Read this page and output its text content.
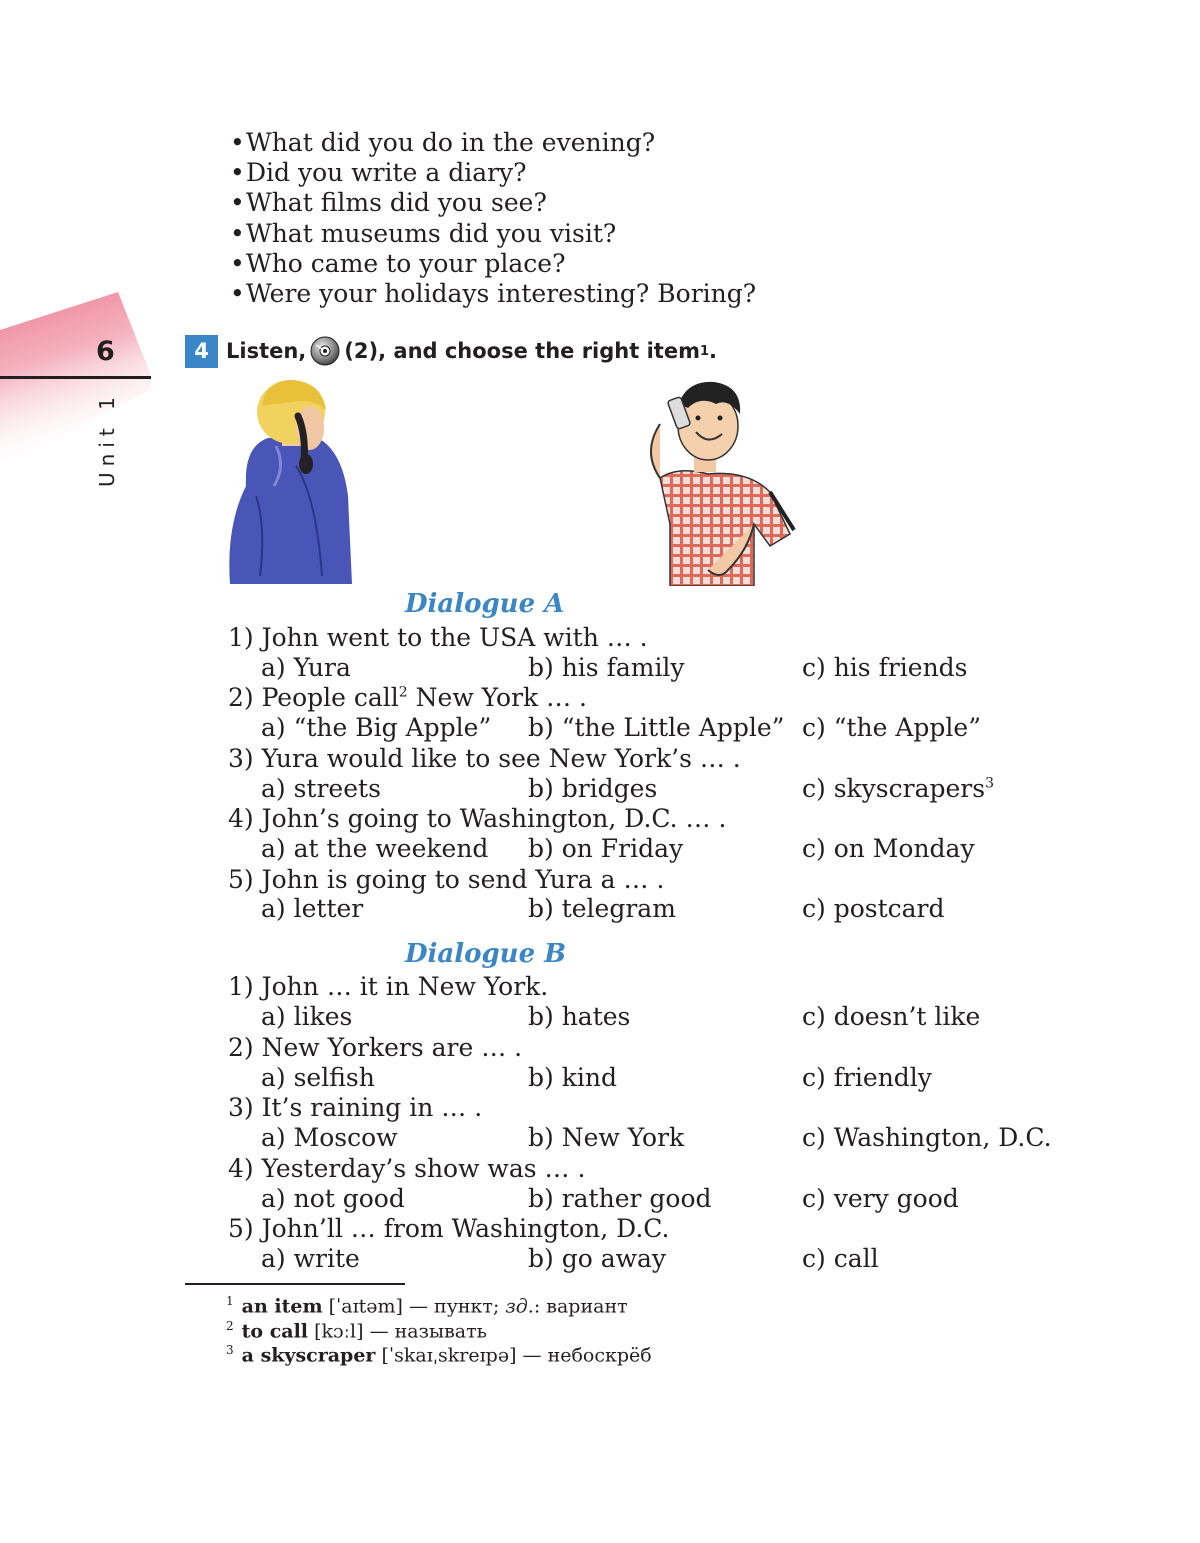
•What did you do in the evening?
•Did you write a diary?
•What films did you see?
•What museums did you visit?
•Who came to your place?
•Were your holidays interesting? Boring?
6
Unit 1
4 Listen, (2), and choose the right item 1 .
Dialogue A
1) John went to the USA with … .
a) Yura	b) his family	c) his friends
2) People call$^2$ New York … .
a) “the Big Apple” b) “the Little Apple” c) “the Apple”
3) Yura would like to see New York’s … .
a) streets	b) bridges	c) skyscrapers$^3$
4) John’s going to Washington, D.C. … .
a) at the weekend b) on Friday	c) on Monday
5) John is going to send Yura a … .
a) letter	b) telegram	c) postcard
Dialogue B
1) John … it in New York.
a) likes	b) hates	c) doesn’t like
2) New Yorkers are … .
a) selfish	b) kind	c) friendly
3) It’s raining in … .
a) Moscow	b) New York	c) Washington, D.C.
4) Yesterday’s show was … .
a) not good	b) rather good	c) very good
5) John’ll … from Washington, D.C.
a) write	b) go away	c) call
$^1$ an item [ˈaɪtəm] — пункт; зд.: вариант
$^2$ to call [kɔːl] — называть
$^3$ a skyscraper [ˈskaɪˌskreɪpə] — небоскрёб
